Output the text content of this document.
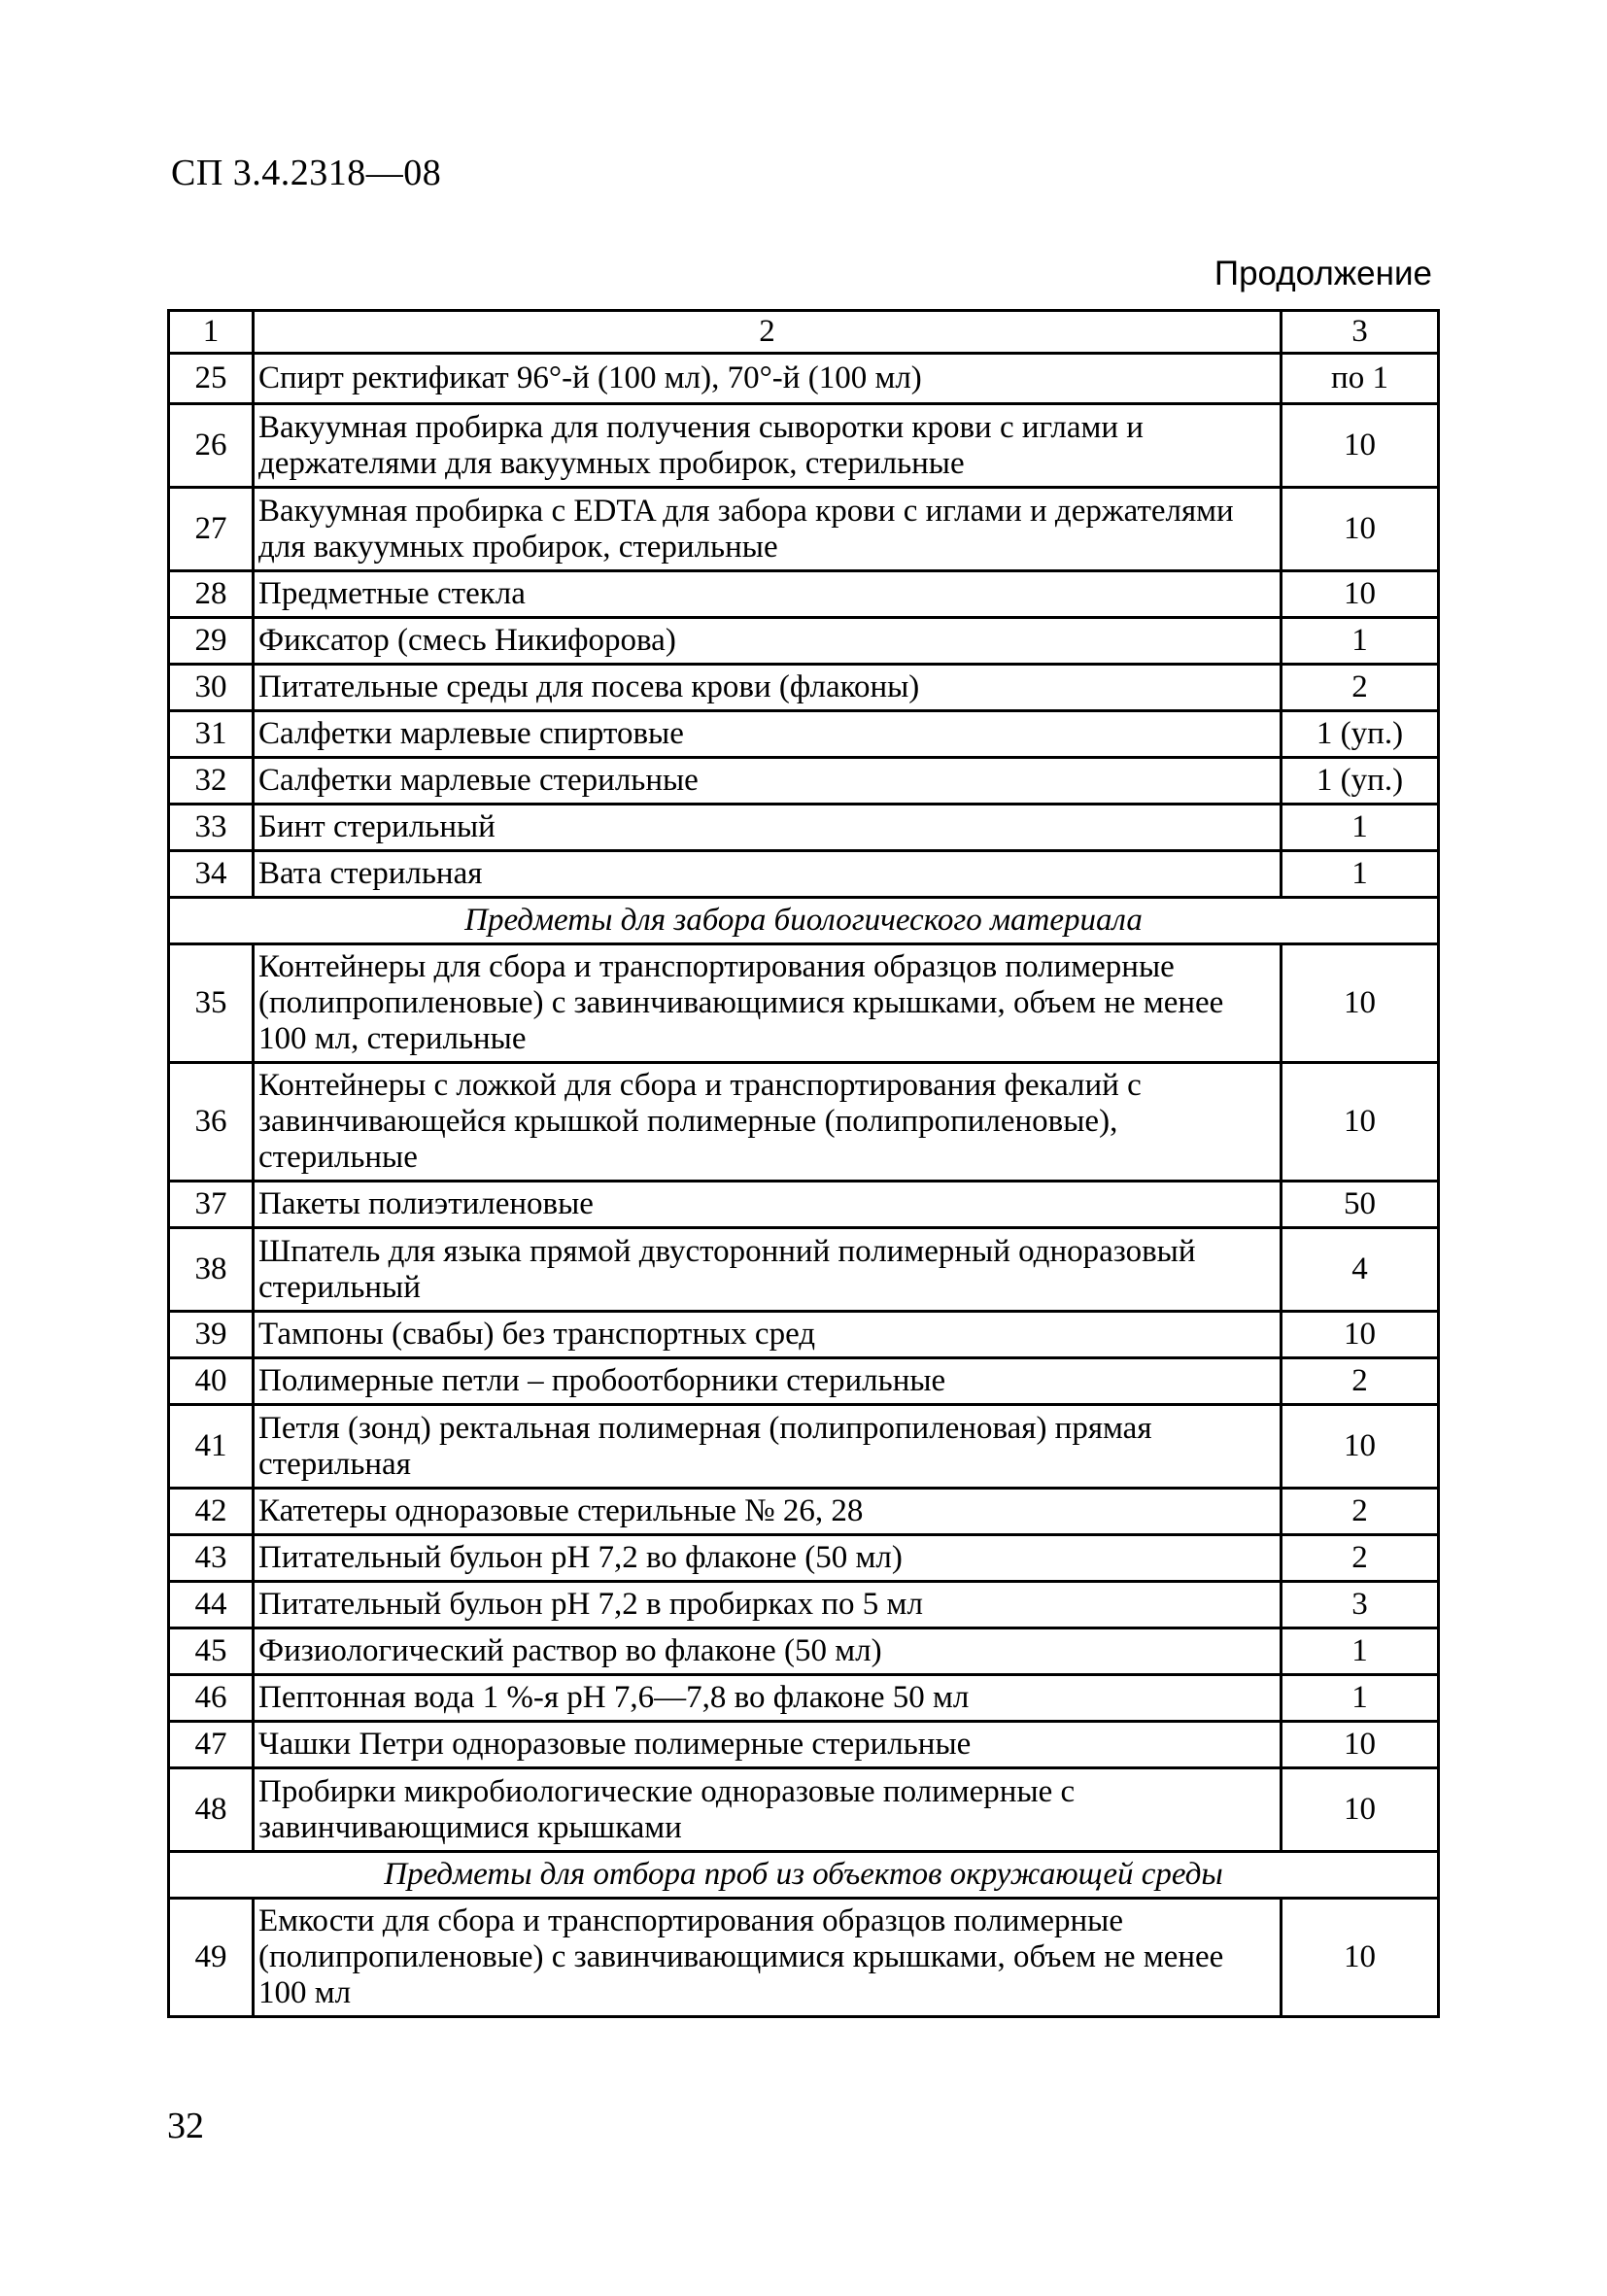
СП 3.4.2318—08
Продолжение
1	2	3
25	Спирт ректификат 96°-й (100 мл), 70°-й (100 мл)	по 1
26	Вакуумная пробирка для получения сыворотки крови с иглами и держателями для вакуумных пробирок, стерильные	10
27	Вакуумная пробирка с EDTA для забора крови с иглами и держателями для вакуумных пробирок, стерильные	10
28	Предметные стекла	10
29	Фиксатор (смесь Никифорова)	1
30	Питательные среды для посева крови (флаконы)	2
31	Салфетки марлевые спиртовые	1 (уп.)
32	Салфетки марлевые стерильные	1 (уп.)
33	Бинт стерильный	1
34	Вата стерильная	1
Предметы для забора биологического материала		
35	Контейнеры для сбора и транспортирования образцов полимерные (полипропиленовые) с завинчивающимися крышками, объем не менее 100 мл, стерильные	10
36	Контейнеры с ложкой для сбора и транспортирования фекалий с завинчивающейся крышкой полимерные (полипропиленовые), стерильные	10
37	Пакеты полиэтиленовые	50
38	Шпатель для языка прямой двусторонний полимерный одноразовый стерильный	4
39	Тампоны (свабы) без транспортных сред	10
40	Полимерные петли – пробоотборники стерильные	2
41	Петля (зонд) ректальная полимерная (полипропиленовая) прямая стерильная	10
42	Катетеры одноразовые стерильные № 26, 28	2
43	Питательный бульон pH 7,2 во флаконе (50 мл)	2
44	Питательный бульон pH 7,2 в пробирках по 5 мл	3
45	Физиологический раствор во флаконе (50 мл)	1
46	Пептонная вода 1 %-я pH 7,6—7,8 во флаконе 50 мл	1
47	Чашки Петри одноразовые полимерные стерильные	10
48	Пробирки микробиологические одноразовые полимерные с завинчивающимися крышками	10
Предметы для отбора проб из объектов окружающей среды		
49	Емкости для сбора и транспортирования образцов полимерные (полипропиленовые) с завинчивающимися крышками, объем не менее 100 мл	10
32
